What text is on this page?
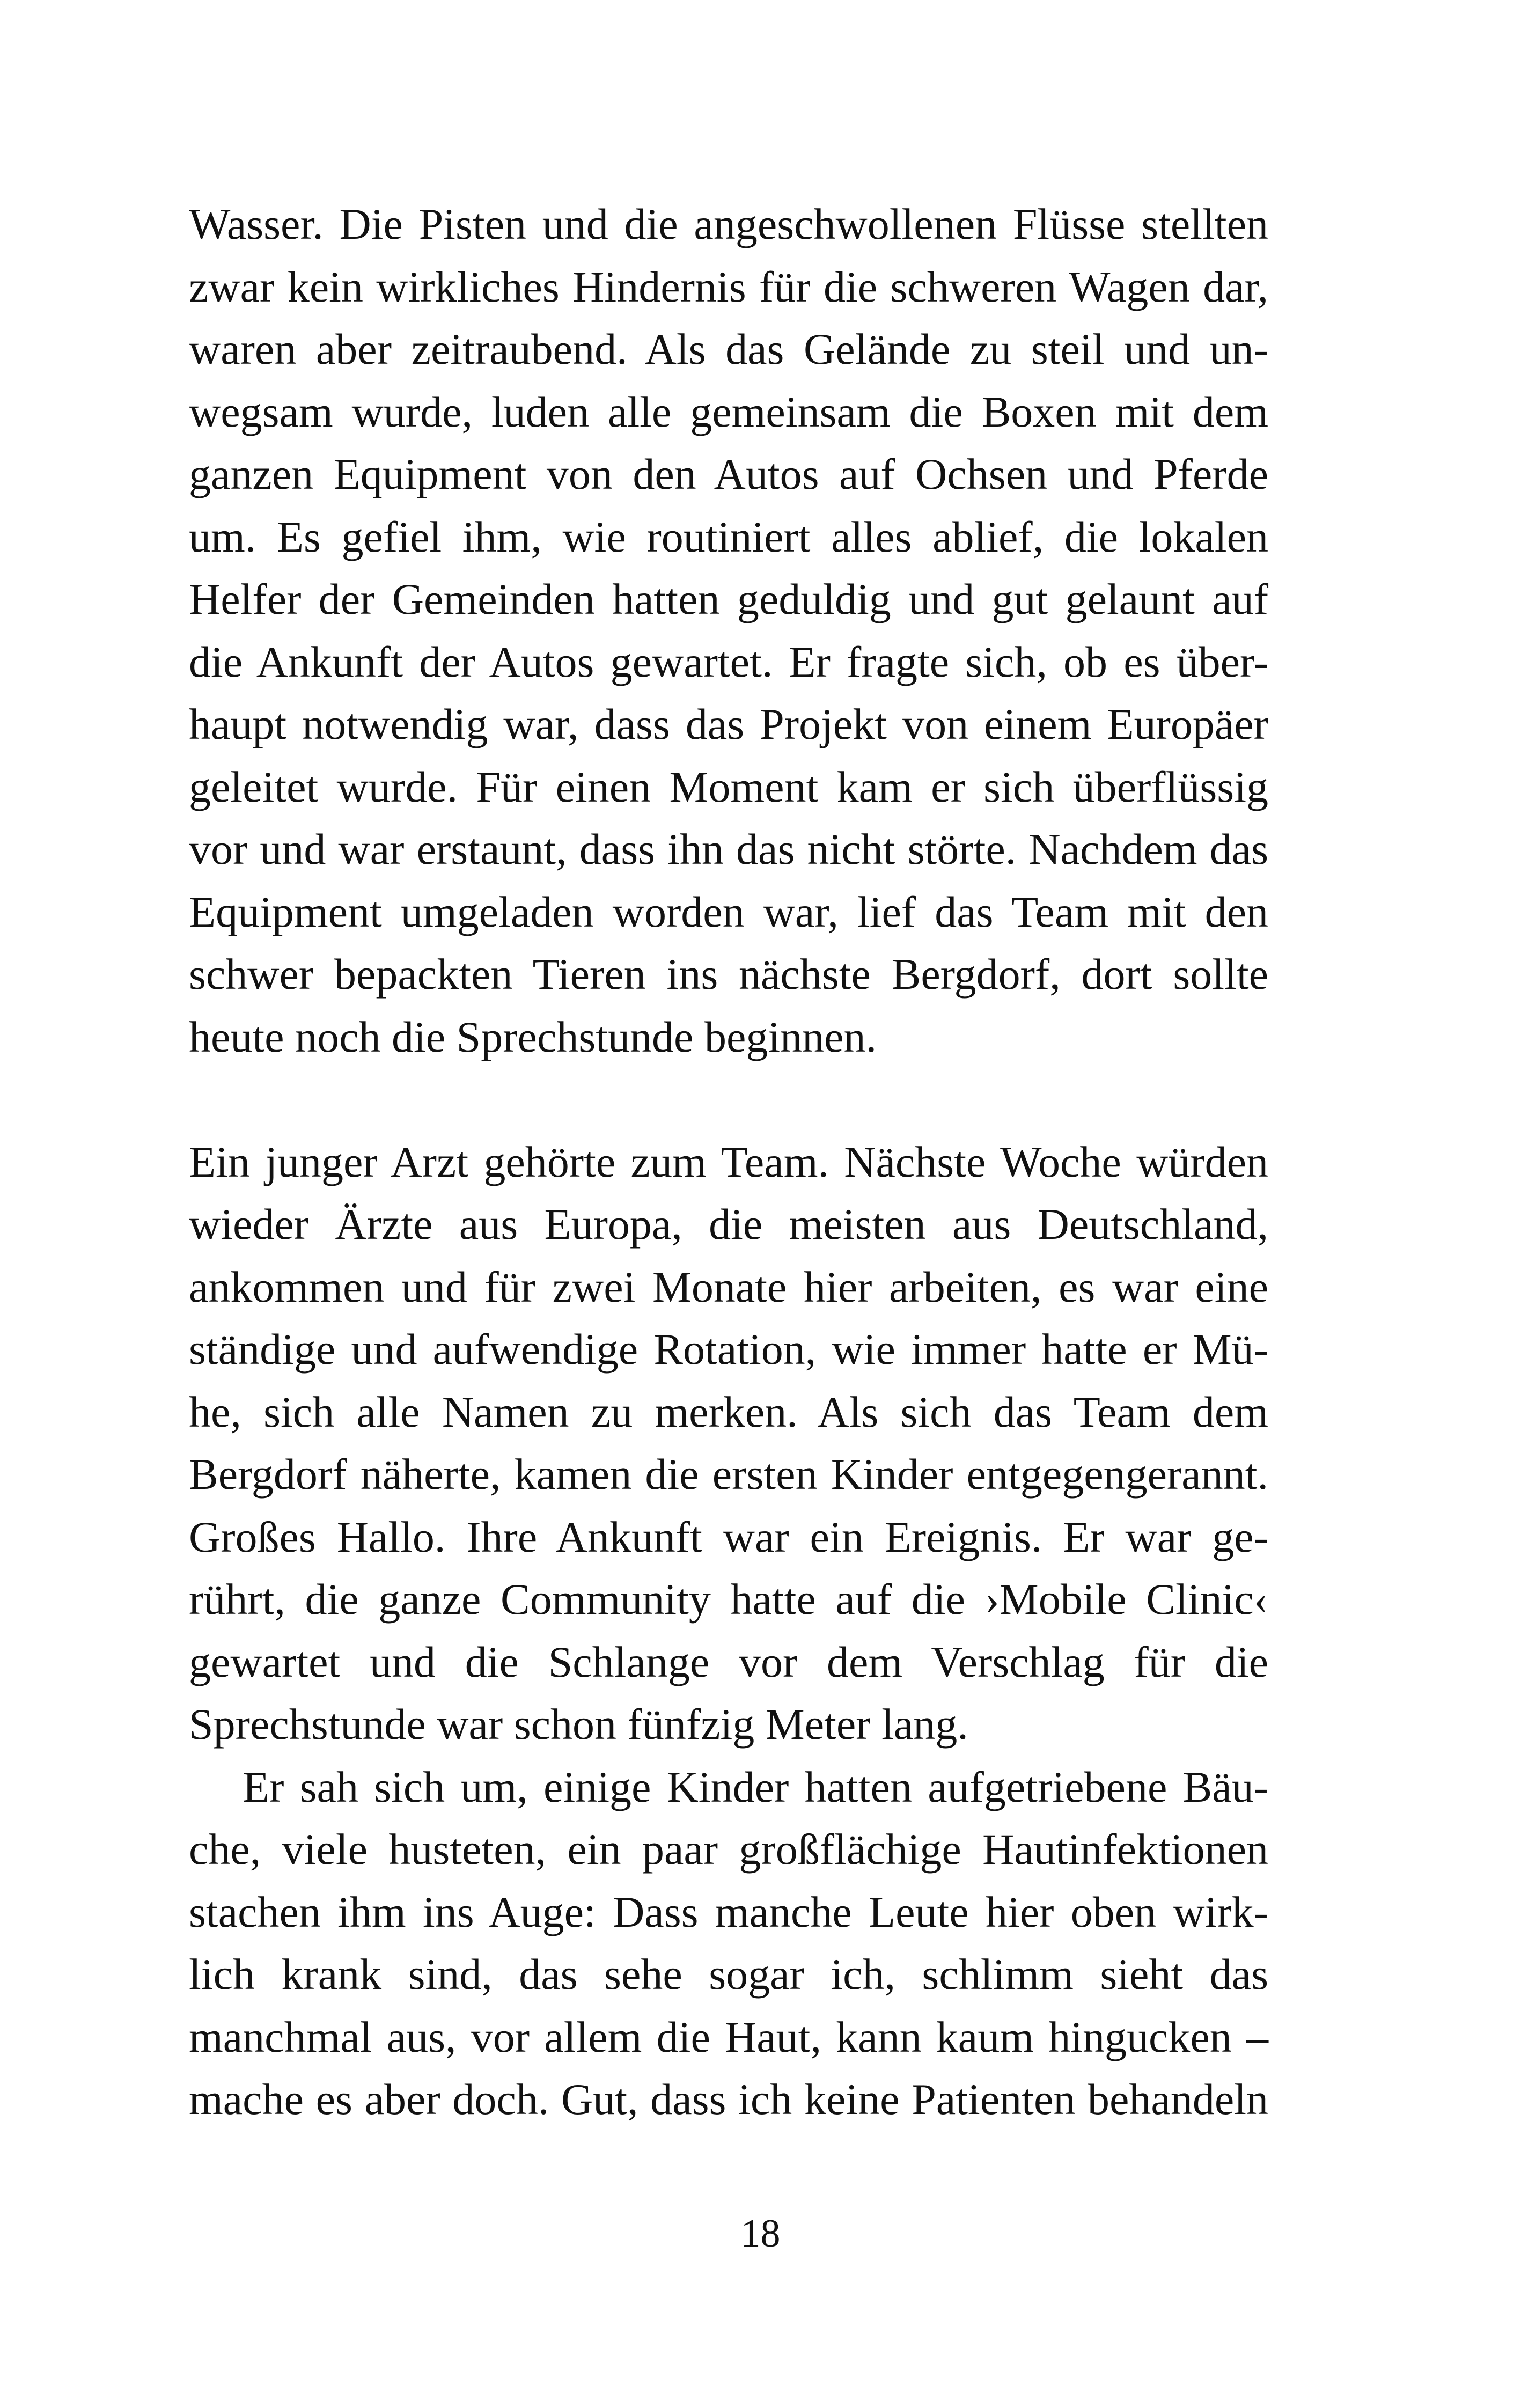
Wasser. Die Pisten und die angeschwollenen Flüsse stellten
zwar kein wirkliches Hindernis für die schweren Wagen dar,
waren aber zeitraubend. Als das Gelände zu steil und un-
wegsam wurde, luden alle gemeinsam die Boxen mit dem
ganzen Equipment von den Autos auf Ochsen und Pferde
um. Es gefiel ihm, wie routiniert alles ablief, die lokalen
Helfer der Gemeinden hatten geduldig und gut gelaunt auf
die Ankunft der Autos gewartet. Er fragte sich, ob es über-
haupt notwendig war, dass das Projekt von einem Europäer
geleitet wurde. Für einen Moment kam er sich überflüssig
vor und war erstaunt, dass ihn das nicht störte. Nachdem das
Equipment umgeladen worden war, lief das Team mit den
schwer bepackten Tieren ins nächste Bergdorf, dort sollte
heute noch die Sprechstunde beginnen.
Ein junger Arzt gehörte zum Team. Nächste Woche würden
wieder Ärzte aus Europa, die meisten aus Deutschland,
ankommen und für zwei Monate hier arbeiten, es war eine
ständige und aufwendige Rotation, wie immer hatte er Mü-
he, sich alle Namen zu merken. Als sich das Team dem
Bergdorf näherte, kamen die ersten Kinder entgegengerannt.
Großes Hallo. Ihre Ankunft war ein Ereignis. Er war ge-
rührt, die ganze Community hatte auf die ›Mobile Clinic‹
gewartet und die Schlange vor dem Verschlag für die
Sprechstunde war schon fünfzig Meter lang.
Er sah sich um, einige Kinder hatten aufgetriebene Bäu-
che, viele husteten, ein paar großflächige Hautinfektionen
stachen ihm ins Auge: Dass manche Leute hier oben wirk-
lich krank sind, das sehe sogar ich, schlimm sieht das
manchmal aus, vor allem die Haut, kann kaum hingucken –
mache es aber doch. Gut, dass ich keine Patienten behandeln
18
